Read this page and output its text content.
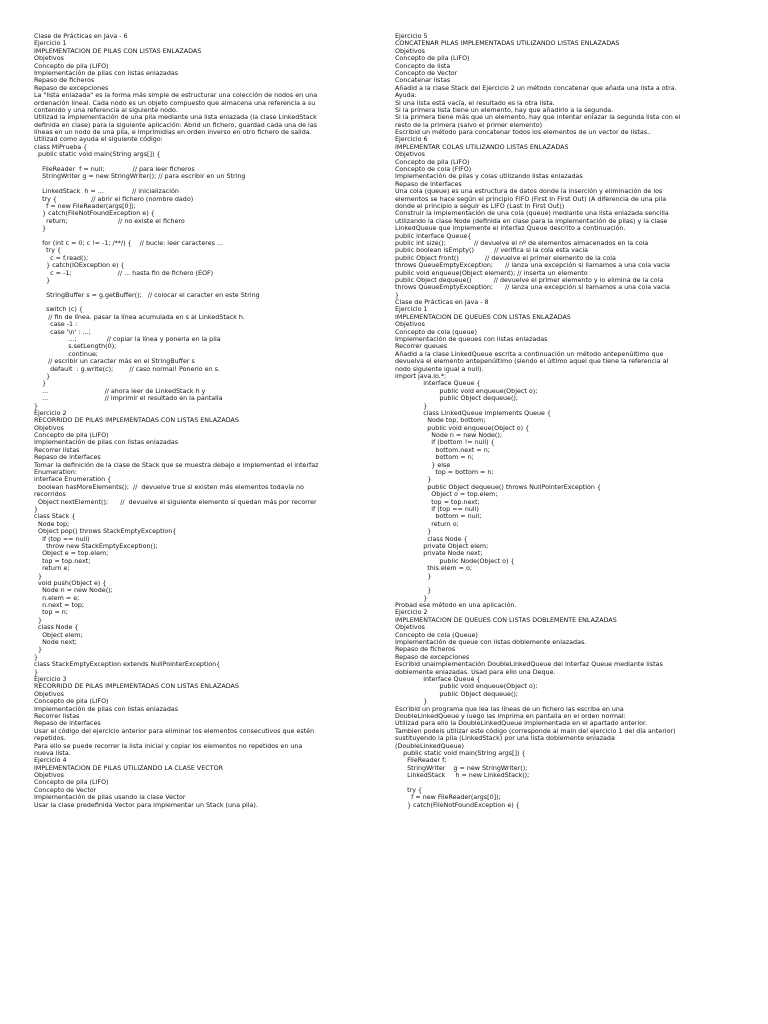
Clase de Prácticas en Java - 6
Ejercicio 1
IMPLEMENTACIÓN DE PILAS CON LISTAS ENLAZADAS
Objetivos
Concepto de pila (LIFO)
Implementación de pilas con listas enlazadas
Repaso de ficheros
Repaso de excepciones
La "lista enlazada" es la forma más simple de estructurar una colección de nodos en una
ordenación lineal. Cada nodo es un objeto compuesto que almacena una referencia a su
contenido y una referencia al siguiente nodo.
Utilizad la implementación de una pila mediante una lista enlazada (la clase LinkedStack
definida en clase) para la siguiente aplicación: Abrid un fichero, guardad cada una de las
líneas en un nodo de una pila, e imprimidlas en orden inverso en otro fichero de salida.
Utilizad como ayuda el siguiente código:
class MiPrueba {
public static void main(String args[]) {

FileReader  f = null;              // para leer ficheros
StringWriter g = new StringWriter(); // para escribir en un String

LinkedStack  h = ...              // inicialización
try {                 // abrir el fichero (nombre dado)
f = new FileReader(args[0]);
} catch(FileNotFoundException e) {
return;                         // no existe el fichero
}

for (int c = 0; c != -1; /**/) {    // bucle: leer caracteres ...
try {
c = f.read();
} catch(IOException e) {
c = -1;                       // ... hasta fin de fichero (EOF)
}

StringBuffer s = g.getBuffer();   // colocar el caracter en este String

switch (c) {
// fin de línea. pasar la línea acumulada en s al LinkedStack h.
case -1 :
case '\n' : ...;
...;               // copiar la línea y ponerla en la pila
s.setLength(0);
continue;
// escribir un caracter más en el StringBuffer s
default  : g.write(c);        // caso normal! Ponerlo en s.
}
}
...                            // ahora leer de LinkedStack h y
...                            // imprimir el resultado en la pantalla
}
Ejercicio 2
RECORRIDO DE PILAS IMPLEMENTADAS CON LISTAS ENLAZADAS
Objetivos
Concepto de pila (LIFO)
Implementación de pilas con listas enlazadas
Recorrer listas
Repaso de interfaces
Tomar la definición de la clase de Stack que se muestra debajo e implementad el interfaz
Enumeration:
interface Enumeration {
boolean hasMoreElements();  //  devuelve true si existen más elementos todavía no
recorridos
Object nextElement();      //  devuelve el siguiente elemento si quedan más por recorrer
}
class Stack {
Node top;
Object pop() throws StackEmptyException{
if (top == null)
throw new StackEmptyException();
Object e = top.elem;
top = top.next;
return e;
}
void push(Object e) {
Node n = new Node();
n.elem = e;
n.next = top;
top = n;
}
class Node {
Object elem;
Node next;
}
}
class StackEmptyException extends NullPointerException{
}
Ejercicio 3
RECORRIDO DE PILAS IMPLEMENTADAS CON LISTAS ENLAZADAS
Objetivos
Concepto de pila (LIFO)
Implementación de pilas con listas enlazadas
Recorrer listas
Repaso de interfaces
Usar el código del ejercicio anterior para eliminar los elementos consecutivos que estén
repetidos.
Para ello se puede recorrer la lista inicial y copiar los elementos no repetidos en una
nueva lista.
Ejercicio 4
IMPLEMENTACIÓN DE PILAS UTILIZANDO LA CLASE VECTOR
Objetivos
Concepto de pila (LIFO)
Concepto de Vector
Implementación de pilas usando la clase Vector
Usar la clase predefinida Vector para implementar un Stack (una pila).
Ejercicio 5
CONCATENAR PILAS IMPLEMENTADAS UTILIZANDO LISTAS ENLAZADAS
Objetivos
Concepto de pila (LIFO)
Concepto de lista
Concepto de Vector
Concatenar listas
Añadid a la clase Stack del Ejercicio 2 un método concatenar que añada una lista a otra.
Ayuda:
Si una lista está vacía, el resultado es la otra lista.
Si la primera lista tiene un elemento, hay que añadirlo a la segunda.
Si la primera tiene más que un elemento, hay que intentar enlazar la segunda lista con el
resto de la primera (salvo el primer elemento)
Escribid un método para concatenar todos los elementos de un vector de listas..
Ejercicio 6
IMPLEMENTAR COLAS UTILIZANDO LISTAS ENLAZADAS
Objetivos
Concepto de pila (LIFO)
Concepto de cola (FIFO)
Implementación de pilas y colas utilizando listas enlazadas
Repaso de interfaces
Una cola (queue) es una estructura de datos donde la inserción y eliminación de los
elementos se hace según el principio FIFO (First In First Out) (A diferencia de una pila
donde el principio a seguir es LIFO (Last In First Out))
Construir la implementación de una cola (queue) mediante una lista enlazada sencilla
utilizando la clase Node (definida en clase para la implementación de pilas) y la clase
LinkedQueue que implemente el interfaz Queue descrito a continuación.
public interface Queue{
public int size();              // devuelve el nº de elementos almacenados en la cola
public boolean isEmpty()          // verifica si la cola esta vacia
public Object front()             // devuelve el primer elemento de la cola
throws QueueEmptyException;      // lanza una excepción si llamamos a una cola vacia
public void enqueue(Object element); // inserta un elemento
public Object dequeue()           // devuelve el primer elemento y lo elimina de la cola
throws QueueEmptyException;      // lanza una excepción si llamamos a una cola vacia
}
Clase de Prácticas en Java - 8
Ejercicio 1
IMPLEMENTACIÓN DE QUEUES CON LISTAS ENLAZADAS
Objetivos
Concepto de cola (queue)
Implementación de queues con listas enlazadas
Recorrer queues
Añadid a la clase LinkedQueue escrita a continuación un método antepenúltimo que
devuelva el elemento antepenúltimo (siendo el último aquel que tiene la referencia al
nodo siguiente igual a null).
import java.io.*;
interface Queue {
public void enqueue(Object o);
public Object dequeue();
}
class LinkedQueue implements Queue {
Node top, bottom;
public void enqueue(Object o) {
Node n = new Node();
if (bottom != null) {
bottom.next = n;
bottom = n;
} else
top = bottom = n;
}
public Object dequeue() throws NullPointerException {
Object o = top.elem;
top = top.next;
if (top == null)
bottom = null;
return o;
}
class Node {
private Object elem;
private Node next;
public Node(Object o) {
this.elem = o;
}

}
}
Probad ese método en una aplicación.
Ejercicio 2
IMPLEMENTACIÓN DE QUEUES CON LISTAS DOBLEMENTE ENLAZADAS
Objetivos
Concepto de cola (Queue)
Implementación de queue con listas doblemente enlazadas.
Repaso de ficheros
Repaso de excepciones
Escribid unaimplementación DoubleLinkedQueue del interfaz Queue mediante listas
doblemente enlazadas. Usad para ello una Deque.
interface Queue {
public void enqueue(Object o);
public Object dequeue();
}
Escribid un programa que lea las líneas de un fichero las escriba en una
DoubleLinkedQueue y luego las imprima en pantalla en el orden normal:
Utilizad para ello la DoubleLinkedQueue implementada en el apartado anterior.
Tambien podeis utilizar este código (corresponde al main del ejercicio 1 del día anterior)
sustituyendo la pila (LinkedStack) por una lista doblemente enlazada
(DoubleLinkedQueue)
public static void main(String args[]) {
FileReader f;
StringWriter    g = new StringWriter();
LinkedStack     h = new LinkedStack();

try {
f = new FileReader(args[0]);
} catch(FileNotFoundException e) {
